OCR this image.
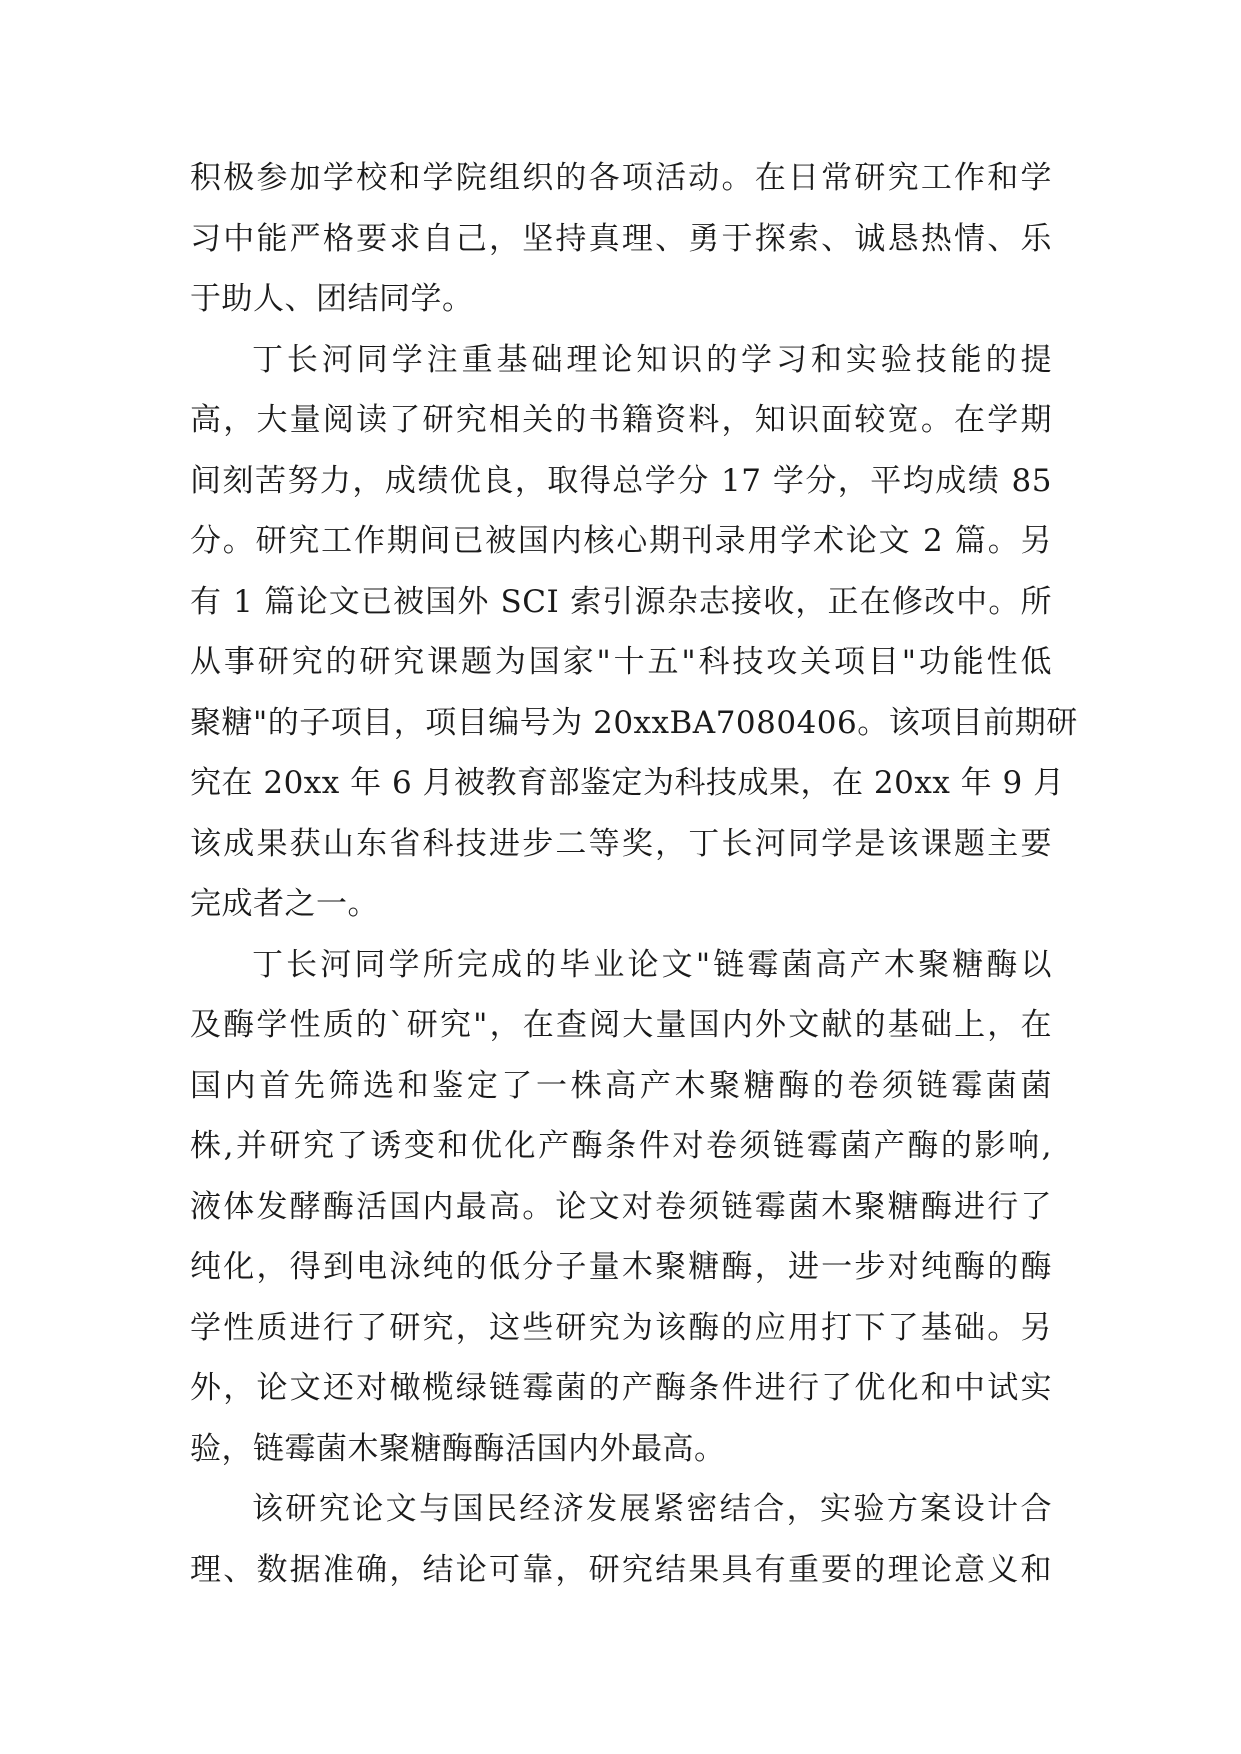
积极参加学校和学院组织的各项活动。在日常研究工作和学
习中能严格要求自己，坚持真理、勇于探索、诚恳热情、乐
于助人、团结同学。
丁长河同学注重基础理论知识的学习和实验技能的提
高，大量阅读了研究相关的书籍资料，知识面较宽。在学期
间刻苦努力，成绩优良，取得总学分 17 学分，平均成绩 85
分。研究工作期间已被国内核心期刊录用学术论文 2 篇。另
有 1 篇论文已被国外 SCI 索引源杂志接收，正在修改中。所
从事研究的研究课题为国家"十五"科技攻关项目"功能性低
聚糖"的子项目，项目编号为 20xxBA7080406。该项目前期研
究在 20xx 年 6 月被教育部鉴定为科技成果，在 20xx 年 9 月
该成果获山东省科技进步二等奖，丁长河同学是该课题主要
完成者之一。
丁长河同学所完成的毕业论文"链霉菌高产木聚糖酶以
及酶学性质的`研究"，在查阅大量国内外文献的基础上，在
国内首先筛选和鉴定了一株高产木聚糖酶的卷须链霉菌菌
株,并研究了诱变和优化产酶条件对卷须链霉菌产酶的影响,
液体发酵酶活国内最高。论文对卷须链霉菌木聚糖酶进行了
纯化，得到电泳纯的低分子量木聚糖酶，进一步对纯酶的酶
学性质进行了研究，这些研究为该酶的应用打下了基础。另
外，论文还对橄榄绿链霉菌的产酶条件进行了优化和中试实
验，链霉菌木聚糖酶酶活国内外最高。
该研究论文与国民经济发展紧密结合，实验方案设计合
理、数据准确，结论可靠，研究结果具有重要的理论意义和
